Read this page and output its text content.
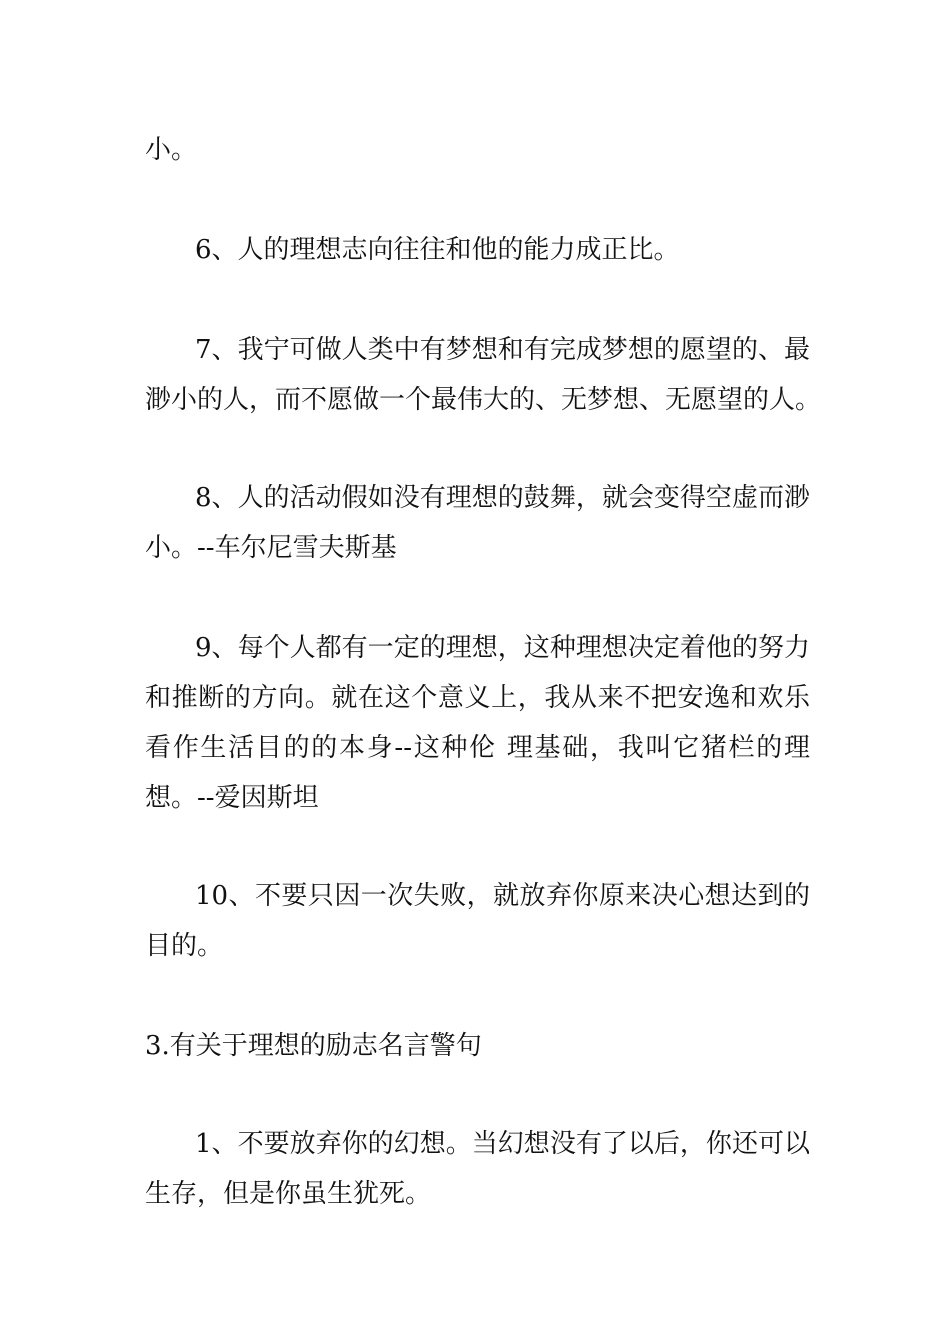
小。
6、人的理想志向往往和他的能力成正比。
7、我宁可做人类中有梦想和有完成梦想的愿望的、最
渺小的人，而不愿做一个最伟大的、无梦想、无愿望的人。
8、人的活动假如没有理想的鼓舞，就会变得空虚而渺
小。--车尔尼雪夫斯基
9、每个人都有一定的理想，这种理想决定着他的努力
和推断的方向。就在这个意义上，我从来不把安逸和欢乐
看作生活目的的本身--这种伦 理基础，我叫它猪栏的理
想。--爱因斯坦
10、不要只因一次失败，就放弃你原来决心想达到的
目的。
3.有关于理想的励志名言警句
1、不要放弃你的幻想。当幻想没有了以后，你还可以
生存，但是你虽生犹死。
